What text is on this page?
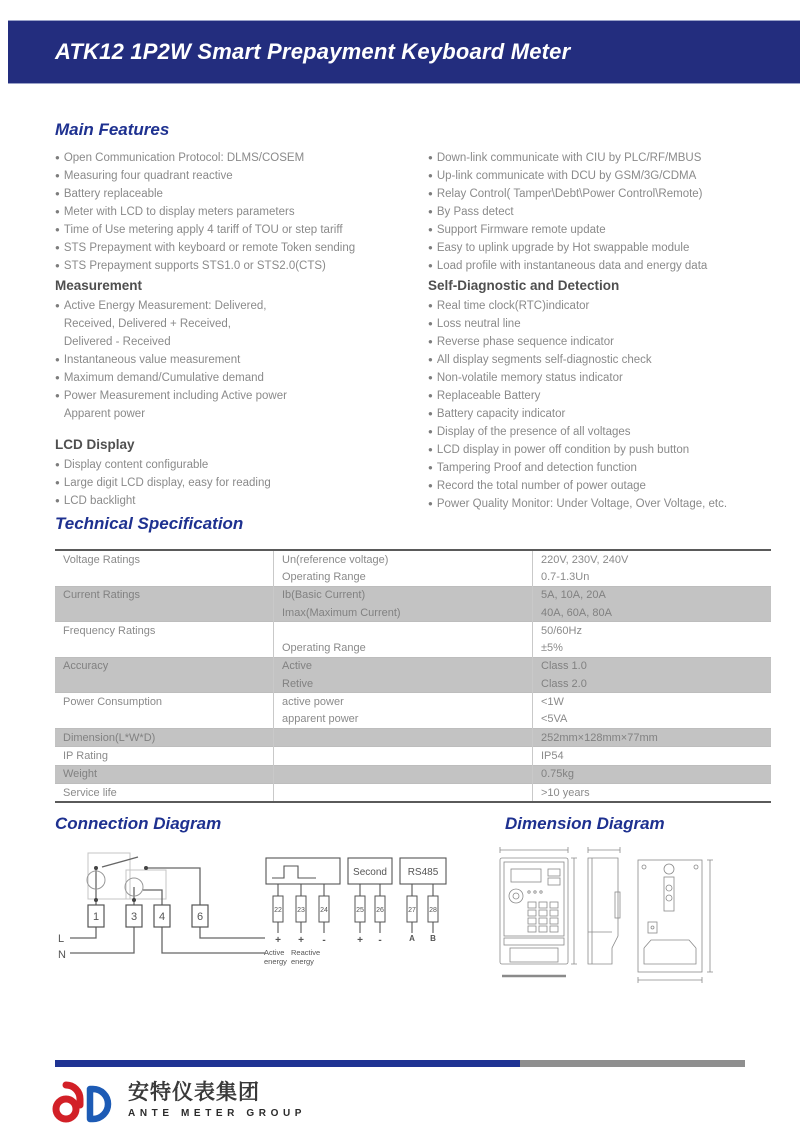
ATK12 1P2W Smart Prepayment Keyboard Meter
Main Features
● Open Communication Protocol: DLMS/COSEM
● Measuring four quadrant reactive
● Battery replaceable
● Meter with LCD to display meters parameters
● Time of Use metering apply 4 tariff of TOU or step tariff
● STS Prepayment with keyboard or remote Token sending
● STS Prepayment supports STS1.0 or STS2.0(CTS)
● Down-link communicate with CIU by PLC/RF/MBUS
● Up-link communicate with DCU by GSM/3G/CDMA
● Relay Control( Tamper\Debt\Power Control\Remote)
● By Pass detect
● Support Firmware remote update
● Easy to uplink upgrade by Hot swappable module
● Load profile with instantaneous data and energy data
Measurement
● Active Energy Measurement: Delivered,
Received, Delivered + Received,
Delivered - Received
● Instantaneous value measurement
● Maximum demand/Cumulative demand
● Power Measurement including Active power
Apparent power
Self-Diagnostic and Detection
● Real time clock(RTC)indicator
● Loss neutral line
● Reverse phase sequence indicator
● All display segments self-diagnostic check
● Non-volatile memory status indicator
● Replaceable Battery
● Battery capacity indicator
● Display of the presence of all voltages
● LCD display in power off condition by push button
● Tampering Proof and detection function
● Record the total number of power outage
● Power Quality Monitor: Under Voltage, Over Voltage, etc.
LCD Display
● Display content configurable
● Large digit LCD display, easy for reading
● LCD backlight
Technical Specification
Voltage Ratings	Un(reference voltage)	220V, 230V, 240V
	Operating Range	0.7-1.3Un
Current Ratings	Ib(Basic Current)	5A, 10A, 20A
	Imax(Maximum Current)	40A, 60A, 80A
Frequency Ratings		50/60Hz
	Operating Range	±5%
Accuracy	Active	Class 1.0
	Retive	Class 2.0
Power Consumption	active power	<1W
	apparent power	<5VA
Dimension(L*W*D)		252mm×128mm×77mm
IP Rating		IP54
Weight		0.75kg
Service life		>10 years
Connection Diagram
1	3 4	6
L
N
22 23 24	25 26	27 28
Second RS485
+ + -	+ -	A B
Active
energy
Reactive
energy
Dimension Diagram
安特仪表集团
ANTE METER GROUP
